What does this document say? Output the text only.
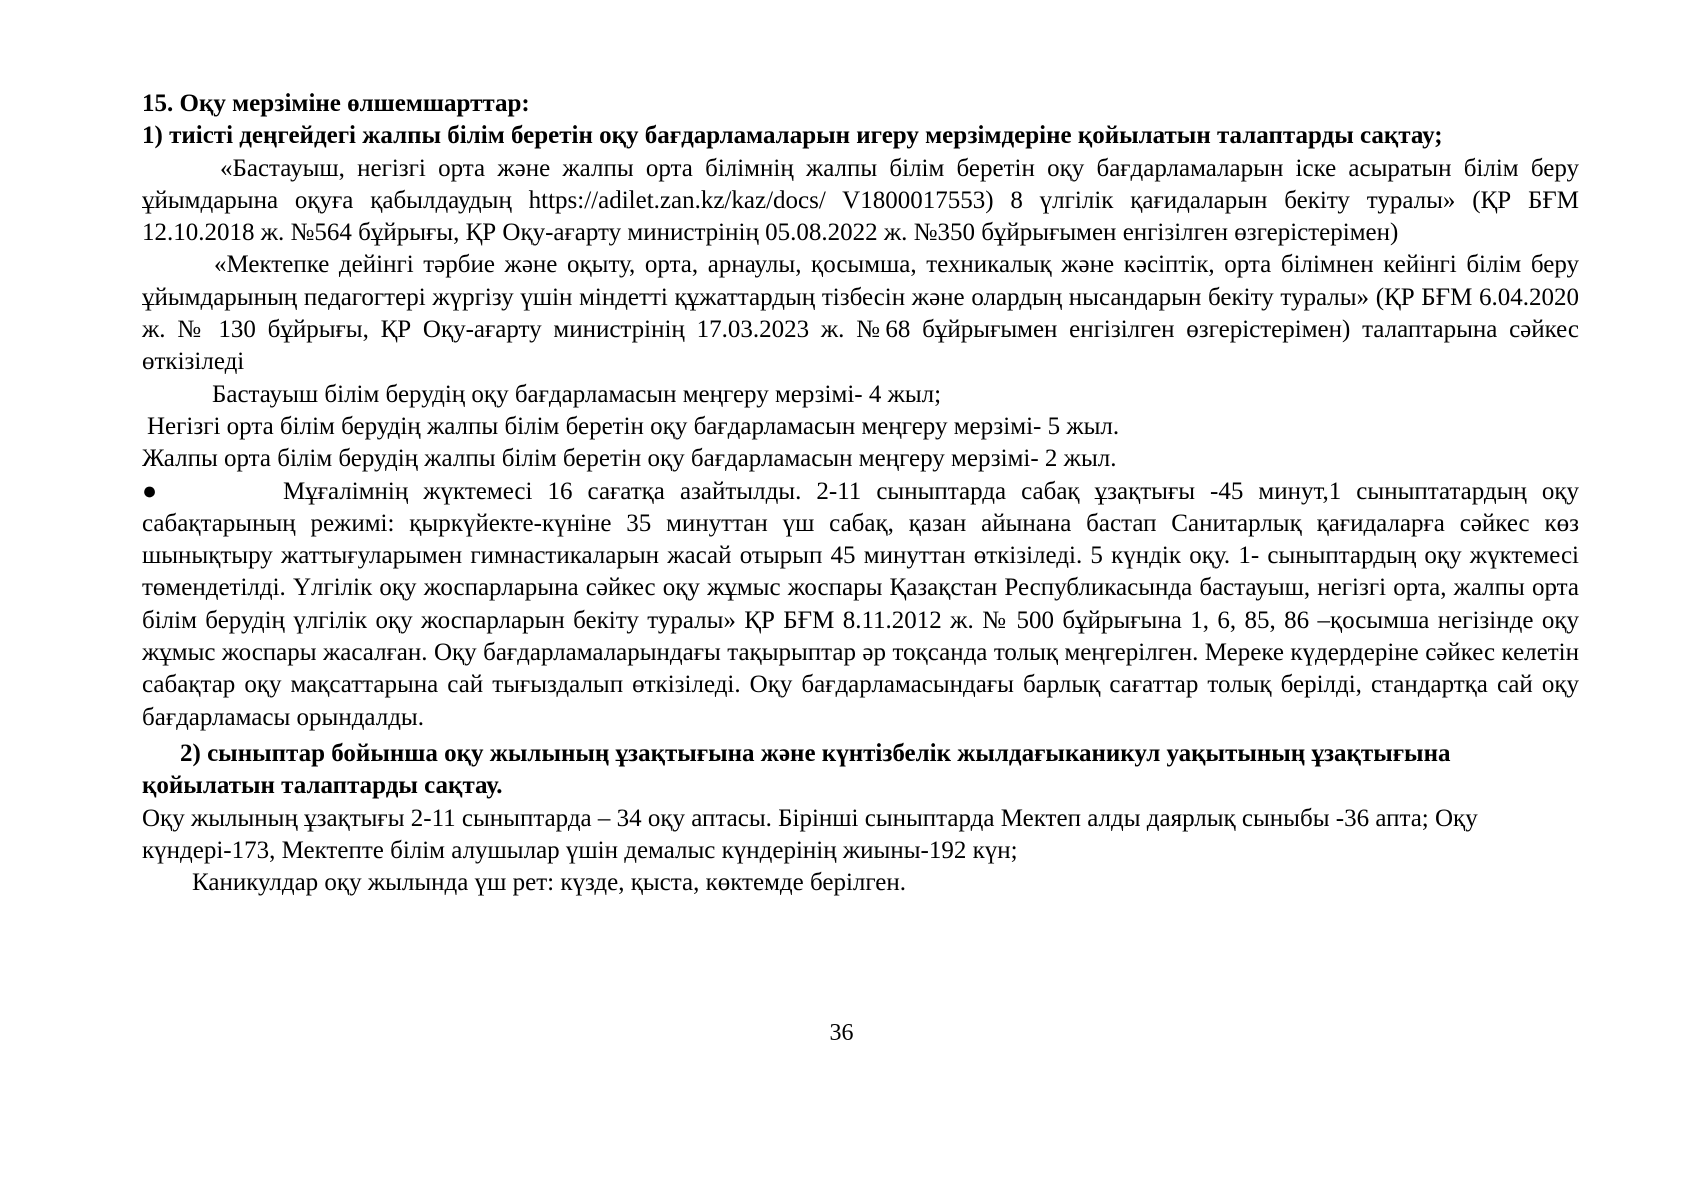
15. Оқу мерзіміне өлшемшарттар:

1) тиісті деңгейдегі жалпы білім беретін оқу бағдарламаларын игеру мерзімдеріне қойылатын талаптарды сақтау;

«Бастауыш, негізгі орта және жалпы орта білімнің жалпы білім беретін оқу бағдарламаларын іске асыратын білім беру ұйымдарына оқуға қабылдаудың https://adilet.zan.kz/kaz/docs/ V1800017553) 8 үлгілік қағидаларын бекіту туралы» (ҚР БҒМ 12.10.2018 ж. №564 бұйрығы, ҚР Оқу-ағарту министрінің 05.08.2022 ж. №350 бұйрығымен енгізілген өзгерістерімен)

«Мектепке дейінгі тәрбие және оқыту, орта, арнаулы, қосымша, техникалық және кәсіптік, орта білімнен кейінгі білім беру ұйымдарының педагогтері жүргізу үшін міндетті құжаттардың тізбесін және олардың нысандарын бекіту туралы» (ҚР БҒМ 6.04.2020 ж. № 130 бұйрығы, ҚР Оқу-ағарту министрінің 17.03.2023 ж. №68 бұйрығымен енгізілген өзгерістерімен) талаптарына сәйкес өткізіледі

Бастауыш білім берудің оқу бағдарламасын меңгеру мерзімі- 4 жыл;

Негізгі орта білім берудің жалпы білім беретін оқу бағдарламасын меңгеру мерзімі- 5 жыл.

Жалпы орта білім берудің жалпы білім беретін оқу бағдарламасын меңгеру мерзімі- 2 жыл.

●	Мұғалімнің жүктемесі 16 сағатқа азайтылды. 2-11 сыныптарда сабақ ұзақтығы -45 минут,1 сыныптатардың оқу сабақтарының режимі: қыркүйекте-күніне 35 минуттан үш сабақ, қазан айынана бастап Санитарлық қағидаларға сәйкес көз шынықтыру жаттығуларымен гимнастикаларын жасай отырып 45 минуттан өткізіледі. 5 күндік оқу. 1- сыныптардың оқу жүктемесі төмендетілді. Үлгілік оқу жоспарларына сәйкес оқу жұмыс жоспары Қазақстан Республикасында бастауыш, негізгі орта, жалпы орта білім берудің үлгілік оқу жоспарларын бекіту туралы» ҚР БҒМ 8.11.2012 ж. № 500 бұйрығына 1, 6, 85, 86 –қосымша негізінде оқу жұмыс жоспары жасалған. Оқу бағдарламаларындағы тақырыптар әр тоқсанда толық меңгерілген. Мереке күдердеріне сәйкес келетін сабақтар оқу мақсаттарына сай тығыздалып өткізіледі. Оқу бағдарламасындағы барлық сағаттар толық берілді, стандартқа сай оқу бағдарламасы орындалды.

2) сыныптар бойынша оқу жылының ұзақтығына және күнтізбелік жылдағыканикул уақытының ұзақтығына қойылатын талаптарды сақтау.

Оқу жылының ұзақтығы 2-11 сыныптарда – 34 оқу аптасы. Бірінші сыныптарда Мектеп алды даярлық сыныбы -36 апта; Оқу күндері-173, Мектепте білім алушылар үшін демалыс күндерінің жиыны-192 күн;

Каникулдар оқу жылында үш рет: күзде, қыста, көктемде берілген.

36
